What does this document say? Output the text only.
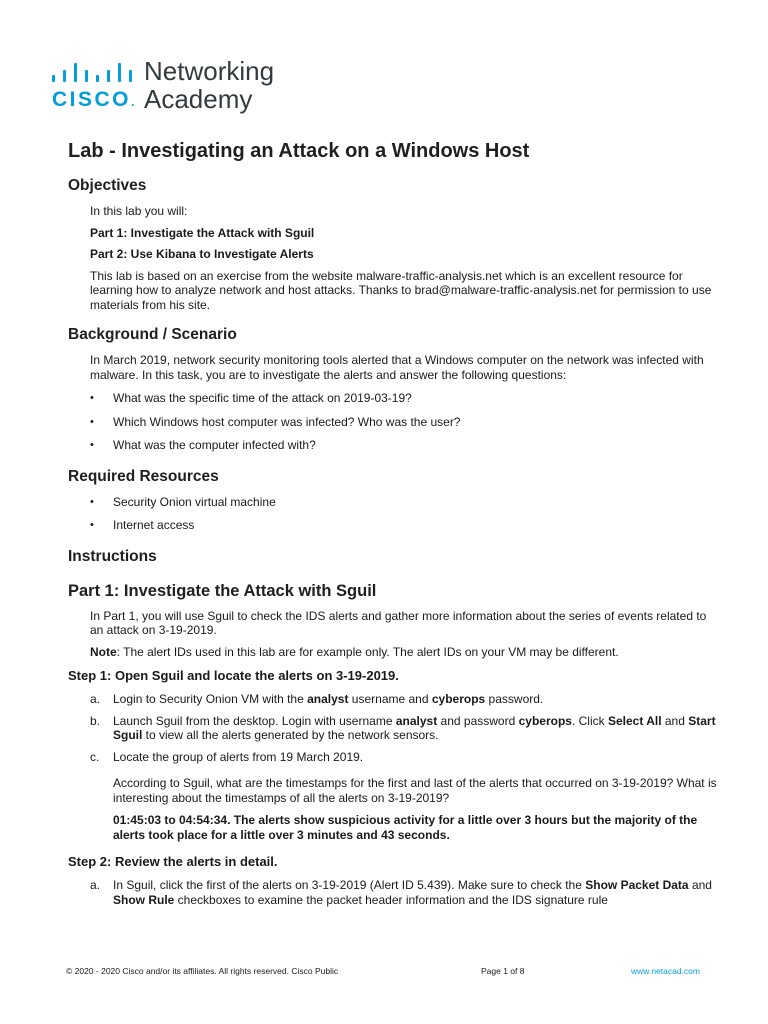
CISCO.
Networking
Academy
Lab - Investigating an Attack on a Windows Host
Objectives

In this lab you will:

Part 1: Investigate the Attack with Sguil

Part 2: Use Kibana to Investigate Alerts

This lab is based on an exercise from the website malware-traffic-analysis.net which is an excellent resource for learning how to analyze network and host attacks. Thanks to brad@malware-traffic-analysis.net for permission to use materials from his site.

Background / Scenario

In March 2019, network security monitoring tools alerted that a Windows computer on the network was infected with malware. In this task, you are to investigate the alerts and answer the following questions:

• What was the specific time of the attack on 2019-03-19?
• Which Windows host computer was infected? Who was the user?
• What was the computer infected with?
Required Resources
• Security Onion virtual machine
• Internet access
Instructions
Part 1: Investigate the Attack with Sguil

In Part 1, you will use Sguil to check the IDS alerts and gather more information about the series of events related to an attack on 3-19-2019.

Note: The alert IDs used in this lab are for example only. The alert IDs on your VM may be different.

Step 1: Open Sguil and locate the alerts on 3-19-2019.
a. Login to Security Onion VM with the analyst username and cyberops password.
b. Launch Sguil from the desktop. Login with username analyst and password cyberops. Click Select All and Start Sguil to view all the alerts generated by the network sensors.
c. Locate the group of alerts from 19 March 2019.

According to Sguil, what are the timestamps for the first and last of the alerts that occurred on 3-19-2019? What is interesting about the timestamps of all the alerts on 3-19-2019?

01:45:03 to 04:54:34. The alerts show suspicious activity for a little over 3 hours but the majority of the alerts took place for a little over 3 minutes and 43 seconds.

Step 2: Review the alerts in detail.
a. In Sguil, click the first of the alerts on 3-19-2019 (Alert ID 5.439). Make sure to check the Show Packet Data and Show Rule checkboxes to examine the packet header information and the IDS signature rule
© 2020 - 2020 Cisco and/or its affiliates. All rights reserved. Cisco Public	Page 1 of 8	www.netacad.com
